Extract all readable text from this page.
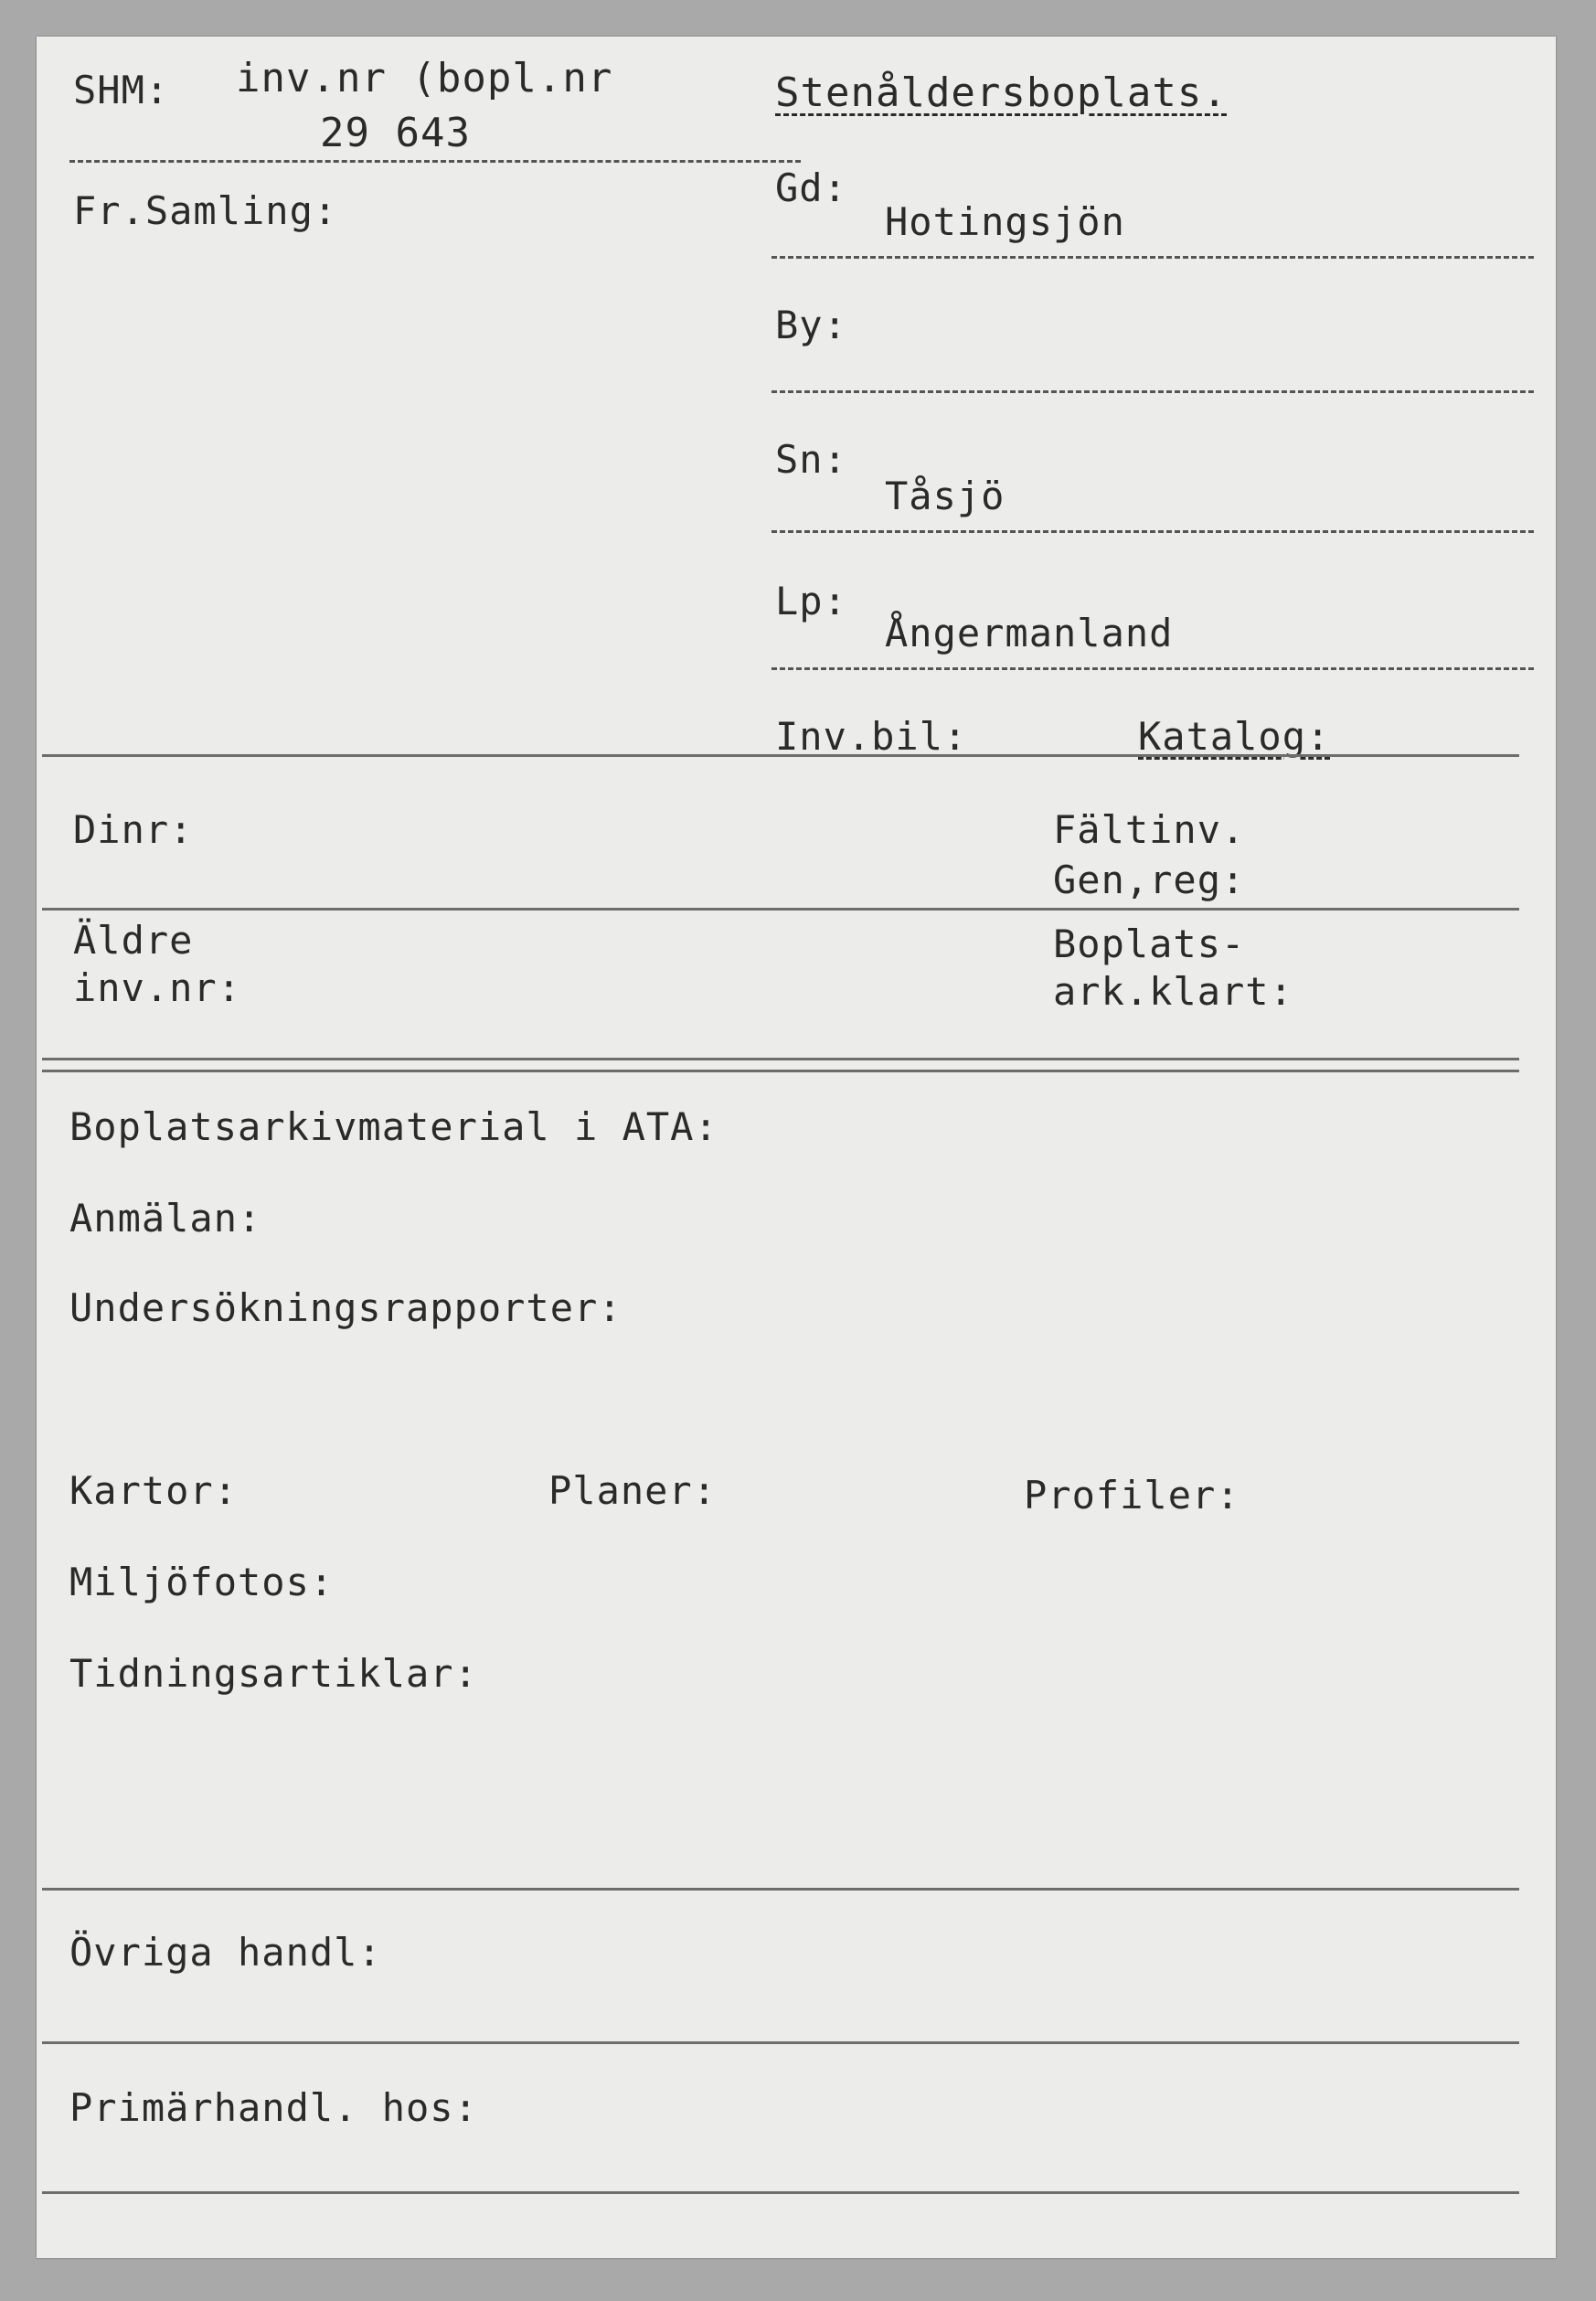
SHM: inv.nr (bopl.nr
29 643
Stenåldersboplats.
Fr.Samling:
Gd:
Hotingsjön
By:
Sn:
Tåsjö
Lp:
Ångermanland
Inv.bil:	Katalog:
Dinr:	Fältinv.
Gen,reg:
Äldre
inv.nr:
Boplats-
ark.klart:
Boplatsarkivmaterial i ATA:
Anmälan:
Undersökningsrapporter:
Kartor:	Planer:	Profiler:
Miljöfotos:
Tidningsartiklar:
Övriga handl:
Primärhandl. hos:
